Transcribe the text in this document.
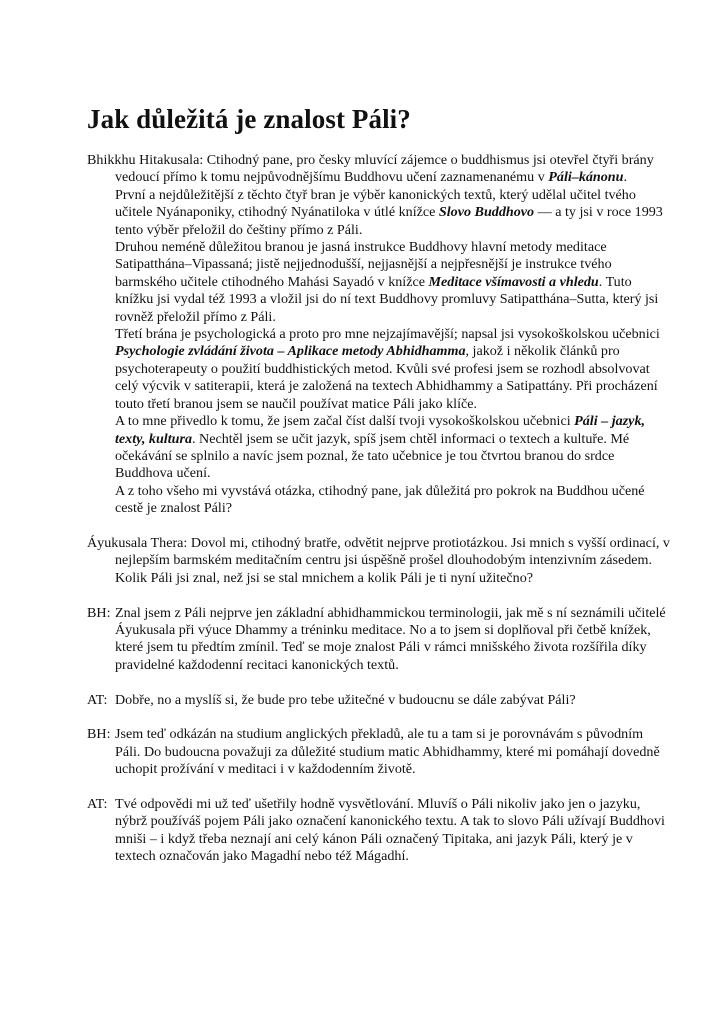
Jak důležitá je znalost Páli?

Bhikkhu Hitakusala: Ctihodný pane, pro česky mluvící zájemce o buddhismus jsi otevřel čtyři brány vedoucí přímo k tomu nejpůvodnějšímu Buddhovu učení zaznamenanému v Páli–kánonu.

První a nejdůležitější z těchto čtyř bran je výběr kanonických textů, který udělal učitel tvého učitele Nyánaponiky, ctihodný Nyánatiloka v útlé knížce Slovo Buddhovo — a ty jsi v roce 1993 tento výběr přeložil do češtiny přímo z Páli.

Druhou neméně důležitou branou je jasná instrukce Buddhovy hlavní metody meditace Satipatthána–Vipassaná; jistě nejjednodušší, nejjasnější a nejpřesnější je instrukce tvého barmského učitele ctihodného Mahási Sayadó v knížce Meditace všímavosti a vhledu. Tuto knížku jsi vydal též 1993 a vložil jsi do ní text Buddhovy promluvy Satipatthána–Sutta, který jsi rovněž přeložil přímo z Páli.

Třetí brána je psychologická a proto pro mne nejzajímavější; napsal jsi vysokoškolskou učebnici Psychologie zvládání života – Aplikace metody Abhidhamma, jakož i několik článků pro psychoterapeuty o použití buddhistických metod. Kvůli své profesi jsem se rozhodl absolvovat celý výcvik v satiterapii, která je založená na textech Abhidhammy a Satipattány. Při procházení touto třetí branou jsem se naučil používat matice Páli jako klíče.

A to mne přivedlo k tomu, že jsem začal číst další tvoji vysokoškolskou učebnici Páli – jazyk, texty, kultura. Nechtěl jsem se učit jazyk, spíš jsem chtěl informaci o textech a kultuře. Mé očekávání se splnilo a navíc jsem poznal, že tato učebnice je tou čtvrtou branou do srdce Buddhova učení.

A z toho všeho mi vyvstává otázka, ctihodný pane, jak důležitá pro pokrok na Buddhou učené cestě je znalost Páli?

Áyukusala Thera: Dovol mi, ctihodný bratře, odvětit nejprve protiotázkou. Jsi mnich s vyšší ordinací, v nejlepším barmském meditačním centru jsi úspěšně prošel dlouhodobým intenzivním zásedem. Kolik Páli jsi znal, než jsi se stal mnichem a kolik Páli je ti nyní užitečno?

BH: Znal jsem z Páli nejprve jen základní abhidhammickou terminologii, jak mě s ní seznámili učitelé Áyukusala při výuce Dhammy a tréninku meditace. No a to jsem si doplňoval při četbě knížek, které jsem tu předtím zmínil. Teď se moje znalost Páli v rámci mnišského života rozšířila díky pravidelné každodenní recitaci kanonických textů.

AT: Dobře, no a myslíš si, že bude pro tebe užitečné v budoucnu se dále zabývat Páli?

BH: Jsem teď odkázán na studium anglických překladů, ale tu a tam si je porovnávám s původním Páli. Do budoucna považuji za důležité studium matic Abhidhammy, které mi pomáhají dovedně uchopit prožívání v meditaci i v každodenním životě.

AT: Tvé odpovědi mi už teď ušetřily hodně vysvětlování. Mluvíš o Páli nikoliv jako jen o jazyku, nýbrž používáš pojem Páli jako označení kanonického textu. A tak to slovo Páli užívají Buddhovi mniši – i když třeba neznají ani celý kánon Páli označený Tipitaka, ani jazyk Páli, který je v textech označován jako Magadhí nebo též Mágadhí.
